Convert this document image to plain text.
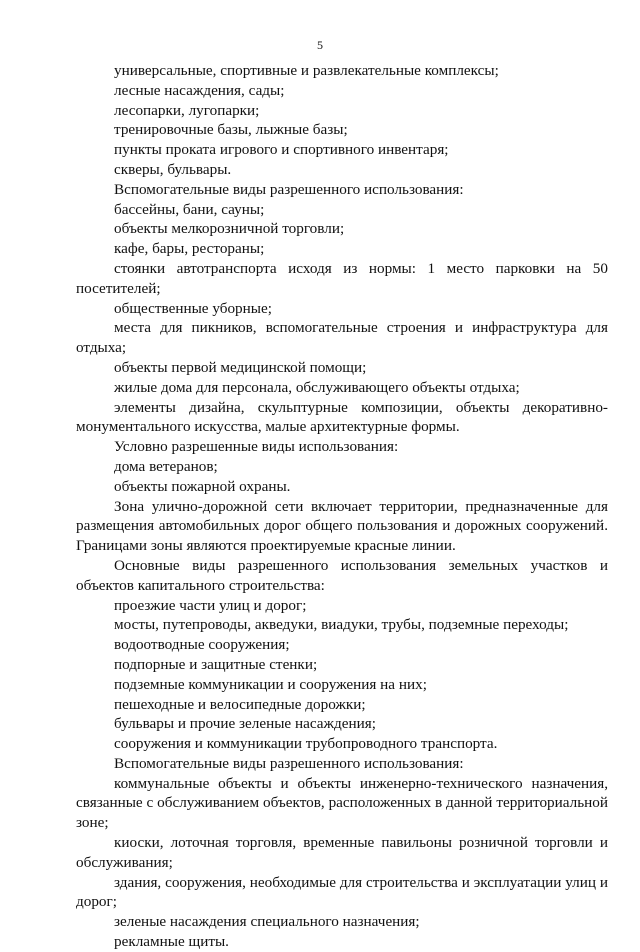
5

универсальные, спортивные и развлекательные комплексы;

лесные насаждения, сады;

лесопарки, лугопарки;

тренировочные базы, лыжные базы;

пункты проката игрового и спортивного инвентаря;

скверы, бульвары.

Вспомогательные виды разрешенного использования:

бассейны, бани, сауны;

объекты мелкорозничной торговли;

кафе, бары, рестораны;

стоянки автотранспорта исходя из нормы: 1 место парковки на 50 посетителей;

общественные уборные;

места для пикников, вспомогательные строения и инфраструктура для отдыха;

объекты первой медицинской помощи;

жилые дома для персонала, обслуживающего объекты отдыха;

элементы дизайна, скульптурные композиции, объекты декоративно-монументального искусства, малые архитектурные формы.

Условно разрешенные виды использования:

дома ветеранов;

объекты пожарной охраны.

Зона улично-дорожной сети включает территории, предназначенные для размещения автомобильных дорог общего пользования и дорожных сооружений. Границами зоны являются проектируемые красные линии.

Основные виды разрешенного использования земельных участков и объектов капитального строительства:

проезжие части улиц и дорог;

мосты, путепроводы, акведуки, виадуки, трубы, подземные переходы;

водоотводные сооружения;

подпорные и защитные стенки;

подземные коммуникации и сооружения на них;

пешеходные и велосипедные дорожки;

бульвары и прочие зеленые насаждения;

сооружения и коммуникации трубопроводного транспорта.

Вспомогательные виды разрешенного использования:

коммунальные объекты и объекты инженерно-технического назначения, связанные с обслуживанием объектов, расположенных в данной территориальной зоне;

киоски, лоточная торговля, временные павильоны розничной торговли и обслуживания;

здания, сооружения, необходимые для строительства и эксплуатации улиц и дорог;

зеленые насаждения специального назначения;

рекламные щиты.
